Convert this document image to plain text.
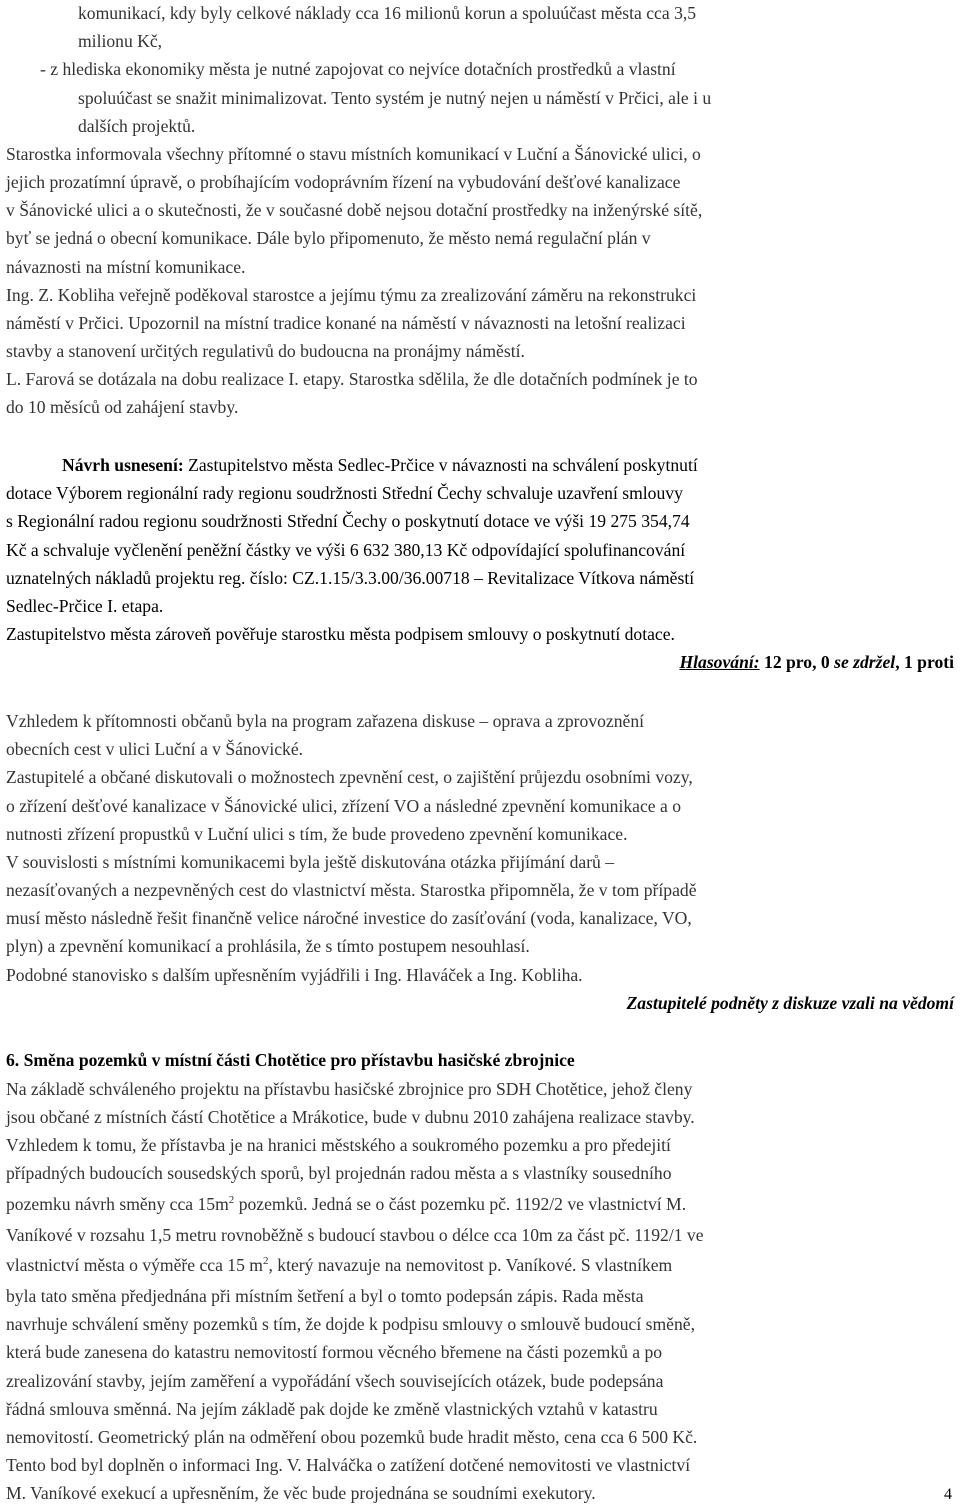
komunikací, kdy byly celkové náklady cca 16 milionů korun a spoluúčast města cca 3,5
milionu Kč,
- z hlediska ekonomiky města je nutné zapojovat co nejvíce dotačních prostředků a vlastní
spoluúčast se snažit minimalizovat. Tento systém je nutný nejen u náměstí v Prčici, ale i u
dalších projektů.
Starostka informovala všechny přítomné o stavu místních komunikací v Luční a Šánovické ulici, o
jejich prozatímní úpravě, o probíhajícím vodoprávním řízení na vybudování dešťové kanalizace
v Šánovické ulici a o skutečnosti, že v současné době nejsou dotační prostředky na inženýrské sítě,
byť se jedná o obecní komunikace. Dále bylo připomenuto, že město nemá regulační plán v
návaznosti na místní komunikace.
Ing. Z. Kobliha veřejně poděkoval starostce a jejímu týmu za zrealizování záměru na rekonstrukci
náměstí v Prčici. Upozornil na místní tradice konané na náměstí v návaznosti na letošní realizaci
stavby a stanovení určitých regulativů do budoucna na pronájmy náměstí.
L. Farová se dotázala na dobu realizace I. etapy. Starostka sdělila, že dle dotačních podmínek je to
do 10 měsíců od zahájení stavby.
Návrh usnesení: Zastupitelstvo města Sedlec-Prčice v návaznosti na schválení poskytnutí
dotace Výborem regionální rady regionu soudržnosti Střední Čechy schvaluje uzavření smlouvy
s Regionální radou regionu soudržnosti Střední Čechy o poskytnutí dotace ve výši 19 275 354,74
Kč a schvaluje vyčlenění peněžní částky ve výši 6 632 380,13 Kč odpovídající spolufinancování
uznatelných nákladů projektu reg. číslo: CZ.1.15/3.3.00/36.00718 – Revitalizace Vítkova náměstí
Sedlec-Prčice I. etapa.
Zastupitelstvo města zároveň pověřuje starostku města podpisem smlouvy o poskytnutí dotace.
Hlasování: 12 pro, 0 se zdržel, 1 proti
Vzhledem k přítomnosti občanů byla na program zařazena diskuse – oprava a zprovoznění
obecních cest v ulici Luční a v Šánovické.
Zastupitelé a občané diskutovali o možnostech zpevnění cest, o zajištění průjezdu osobními vozy,
o zřízení dešťové kanalizace v Šánovické ulici, zřízení VO a následné zpevnění komunikace a o
nutnosti zřízení propustků v Luční ulici s tím, že bude provedeno zpevnění komunikace.
V souvislosti s místními komunikacemi byla ještě diskutována otázka přijímání darů –
nezasíťovaných a nezpevněných cest do vlastnictví města. Starostka připomněla, že v tom případě
musí město následně řešit finančně velice náročné investice do zasíťování (voda, kanalizace, VO,
plyn) a zpevnění komunikací a prohlásila, že s tímto postupem nesouhlasí.
Podobné stanovisko s dalším upřesněním vyjádřili i Ing. Hlaváček a Ing. Kobliha.
Zastupitelé podněty z diskuze vzali na vědomí
6. Směna pozemků v místní části Chotětice pro přístavbu hasičské zbrojnice
Na základě schváleného projektu na přístavbu hasičské zbrojnice pro SDH Chotětice, jehož členy
jsou občané z místních částí Chotětice a Mrákotice, bude v dubnu 2010 zahájena realizace stavby.
Vzhledem k tomu, že přístavba je na hranici městského a soukromého pozemku a pro předejití
případných budoucích sousedských sporů, byl projednán radou města a s vlastníky sousedního
pozemku návrh směny cca $15m^2$ pozemků. Jedná se o část pozemku pč. 1192/2 ve vlastnictví M.
Vaníkové v rozsahu 1,5 metru rovnoběžně s budoucí stavbou o délce cca 10m za část pč. 1192/1 ve
vlastnictví města o výměře cca 15 $m^2$, který navazuje na nemovitost p. Vaníkové. S vlastníkem
byla tato směna předjednána při místním šetření a byl o tomto podepsán zápis. Rada města
navrhuje schválení směny pozemků s tím, že dojde k podpisu smlouvy o smlouvě budoucí směně,
která bude zanesena do katastru nemovitostí formou věcného břemene na části pozemků a po
zrealizování stavby, jejím zaměření a vypořádání všech souvisejících otázek, bude podepsána
řádná smlouva směnná. Na jejím základě pak dojde ke změně vlastnických vztahů v katastru
nemovitostí. Geometrický plán na odměření obou pozemků bude hradit město, cena cca 6 500 Kč.
Tento bod byl doplněn o informaci Ing. V. Halváčka o zatížení dotčené nemovitosti ve vlastnictví
M. Vaníkové exekucí a upřesněním, že věc bude projednána se soudními exekutory.	4
